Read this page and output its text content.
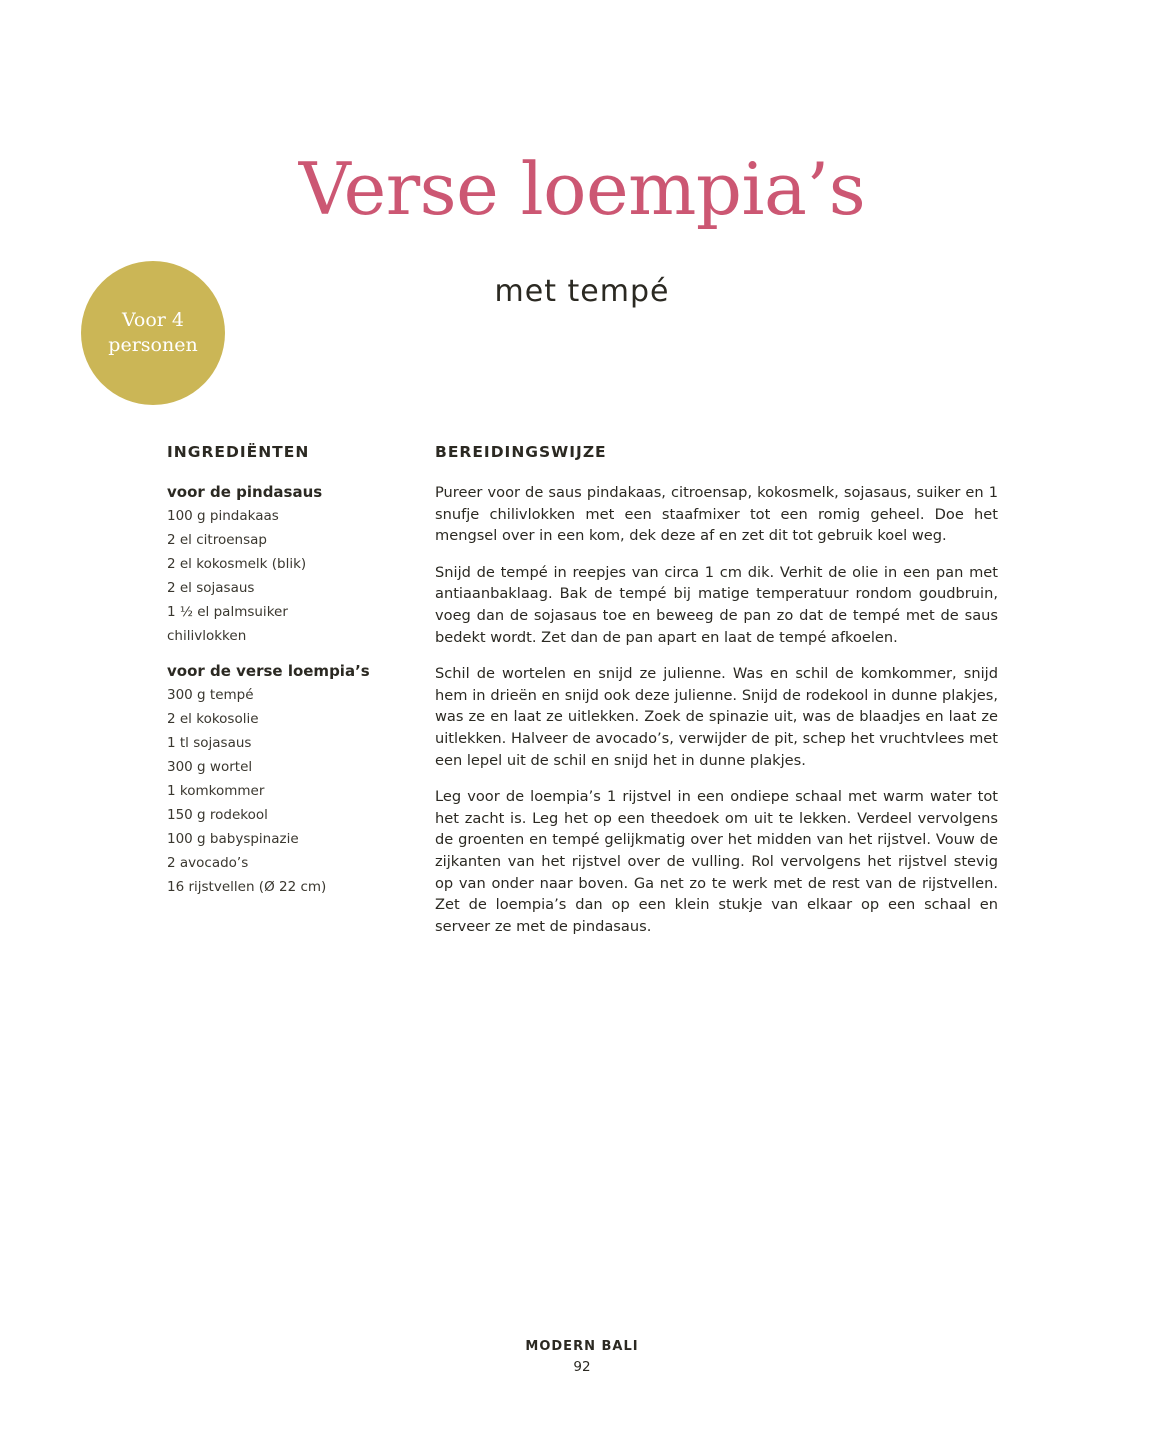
Verse loempia’s
met tempé
Voor 4
personen
INGREDIËNTEN
voor de pindasaus
100 g pindakaas
2 el citroensap
2 el kokosmelk (blik)
2 el sojasaus
1 ½ el palmsuiker
chilivlokken
voor de verse loempia’s
300 g tempé
2 el kokosolie
1 tl sojasaus
300 g wortel
1 komkommer
150 g rodekool
100 g babyspinazie
2 avocado’s
16 rijstvellen (Ø 22 cm)
BEREIDINGSWIJZE

Pureer voor de saus pindakaas, citroensap, kokosmelk, sojasaus, suiker en 1 snufje chilivlokken met een staafmixer tot een romig geheel. Doe het mengsel over in een kom, dek deze af en zet dit tot gebruik koel weg.

Snijd de tempé in reepjes van circa 1 cm dik. Verhit de olie in een pan met antiaanbaklaag. Bak de tempé bij matige temperatuur rondom goudbruin, voeg dan de sojasaus toe en beweeg de pan zo dat de tempé met de saus bedekt wordt. Zet dan de pan apart en laat de tempé afkoelen.

Schil de wortelen en snijd ze julienne. Was en schil de komkommer, snijd hem in drieën en snijd ook deze julienne. Snijd de rodekool in dunne plakjes, was ze en laat ze uitlekken. Zoek de spinazie uit, was de blaadjes en laat ze uitlekken. Halveer de avocado’s, verwijder de pit, schep het vruchtvlees met een lepel uit de schil en snijd het in dunne plakjes.

Leg voor de loempia’s 1 rijstvel in een ondiepe schaal met warm water tot het zacht is. Leg het op een theedoek om uit te lekken. Verdeel vervolgens de groenten en tempé gelijkmatig over het midden van het rijstvel. Vouw de zijkanten van het rijstvel over de vulling. Rol vervolgens het rijstvel stevig op van onder naar boven. Ga net zo te werk met de rest van de rijstvellen. Zet de loempia’s dan op een klein stukje van elkaar op een schaal en serveer ze met de pindasaus.

MODERN BALI
92
